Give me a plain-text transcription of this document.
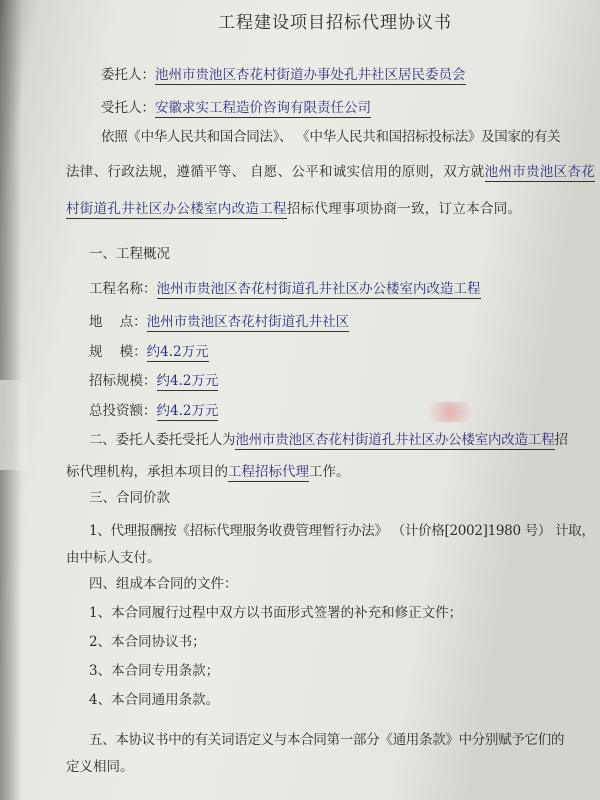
工程建设项目招标代理协议书
委托人：池州市贵池区杏花村街道办事处孔井社区居民委员会
受托人：安徽求实工程造价咨询有限责任公司
依照《中华人民共和国合同法》、 《中华人民共和国招标投标法》及国家的有关
法律、行政法规，遵循平等、 自愿、公平和诚实信用的原则，双方就池州市贵池区杏花
村街道孔井社区办公楼室内改造工程招标代理事项协商一致，订立本合同。
一、工程概况
工程名称：池州市贵池区杏花村街道孔井社区办公楼室内改造工程
地    点：池州市贵池区杏花村街道孔井社区
规    模：约4.2万元
招标规模：约4.2万元
总投资额：约4.2万元
二、委托人委托受托人为池州市贵池区杏花村街道孔井社区办公楼室内改造工程招
标代理机构，承担本项目的工程招标代理工作。
三、合同价款
1、代理报酬按《招标代理服务收费管理暂行办法》 （计价格[2002]1980 号） 计取，
由中标人支付。
四、组成本合同的文件：
1、本合同履行过程中双方以书面形式签署的补充和修正文件；
2、本合同协议书；
3、本合同专用条款；
4、本合同通用条款。
五、本协议书中的有关词语定义与本合同第一部分《通用条款》中分别赋予它们的
定义相同。
